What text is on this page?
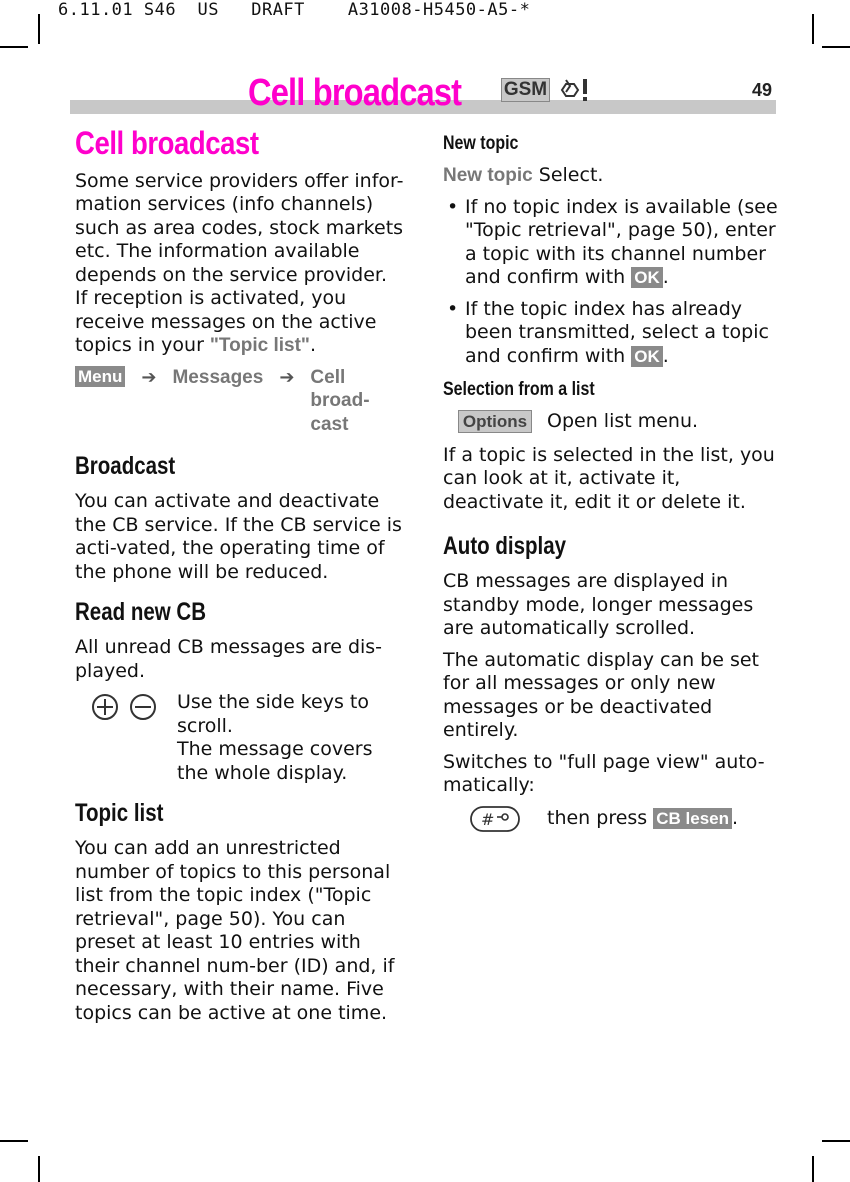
6.11.01 S46  US   DRAFT    A31008-H5450-A5-*
Cell broadcast GSM	49
Cell broadcast

Some service providers offer infor-mation services (info channels) such as area codes, stock markets etc. The information available depends on the service provider. If reception is activated, you receive messages on the active topics in your "Topic list".

Menu ➔ Messages ➔ Cell broad-cast
Broadcast

You can activate and deactivate the CB service. If the CB service is acti-vated, the operating time of the phone will be reduced.

Read new CB

All unread CB messages are dis-played.

Use the side keys to scroll.
The message covers the whole display.
Topic list

You can add an unrestricted number of topics to this personal list from the topic index ("Topic retrieval", page 50). You can preset at least 10 entries with their channel num-ber (ID) and, if necessary, with their name. Five topics can be active at one time.

New topic

New topic Select.

• If no topic index is available (see "Topic retrieval", page 50), enter a topic with its channel number and confirm with OK .
• If the topic index has already been transmitted, select a topic and confirm with OK .
Selection from a list
Options Open list menu.

If a topic is selected in the list, you can look at it, activate it, deactivate it, edit it or delete it.

Auto display

CB messages are displayed in standby mode, longer messages are automatically scrolled.

The automatic display can be set for all messages or only new messages or be deactivated entirely.

Switches to "full page view" auto-matically:

#	then press
CB lesen .
